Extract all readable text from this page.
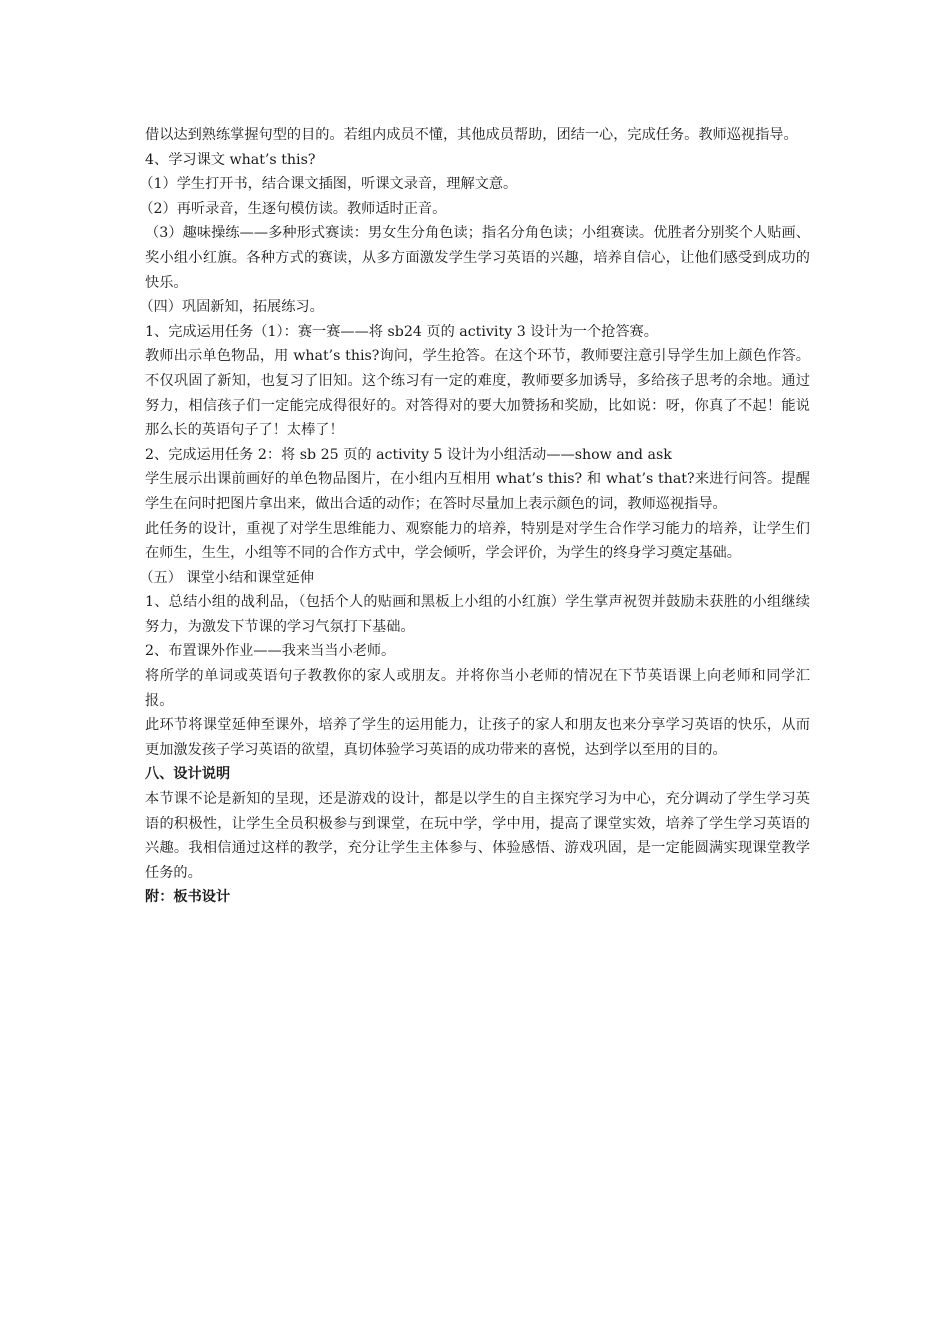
借以达到熟练掌握句型的目的。若组内成员不懂，其他成员帮助，团结一心，完成任务。教师巡视指导。

4、学习课文 what’s this?

（1）学生打开书，结合课文插图，听课文录音，理解文意。

（2）再听录音，生逐句模仿读。教师适时正音。

（3）趣味操练——多种形式赛读：男女生分角色读；指名分角色读；小组赛读。优胜者分别奖个人贴画、奖小组小红旗。各种方式的赛读，从多方面激发学生学习英语的兴趣，培养自信心，让他们感受到成功的快乐。

（四）巩固新知，拓展练习。

1、完成运用任务（1）：赛一赛——将 sb24 页的 activity 3 设计为一个抢答赛。

教师出示单色物品，用 what’s this?询问，学生抢答。在这个环节，教师要注意引导学生加上颜色作答。不仅巩固了新知，也复习了旧知。这个练习有一定的难度，教师要多加诱导，多给孩子思考的余地。通过努力，相信孩子们一定能完成得很好的。对答得对的要大加赞扬和奖励，比如说：呀，你真了不起！能说那么长的英语句子了！太棒了！

2、完成运用任务 2：将 sb 25 页的 activity 5 设计为小组活动——show and ask

学生展示出课前画好的单色物品图片，在小组内互相用 what’s this? 和 what’s that?来进行问答。提醒学生在问时把图片拿出来，做出合适的动作；在答时尽量加上表示颜色的词，教师巡视指导。

此任务的设计，重视了对学生思维能力、观察能力的培养，特别是对学生合作学习能力的培养，让学生们在师生，生生，小组等不同的合作方式中，学会倾听，学会评价，为学生的终身学习奠定基础。

（五） 课堂小结和课堂延伸

1、总结小组的战利品，（包括个人的贴画和黑板上小组的小红旗）学生掌声祝贺并鼓励未获胜的小组继续努力，为激发下节课的学习气氛打下基础。

2、布置课外作业——我来当当小老师。

将所学的单词或英语句子教教你的家人或朋友。并将你当小老师的情况在下节英语课上向老师和同学汇报。

此环节将课堂延伸至课外，培养了学生的运用能力，让孩子的家人和朋友也来分享学习英语的快乐，从而更加激发孩子学习英语的欲望，真切体验学习英语的成功带来的喜悦，达到学以至用的目的。

八、设计说明

本节课不论是新知的呈现，还是游戏的设计，都是以学生的自主探究学习为中心，充分调动了学生学习英语的积极性，让学生全员积极参与到课堂，在玩中学，学中用，提高了课堂实效，培养了学生学习英语的兴趣。我相信通过这样的教学，充分让学生主体参与、体验感悟、游戏巩固，是一定能圆满实现课堂教学任务的。

附：板书设计
